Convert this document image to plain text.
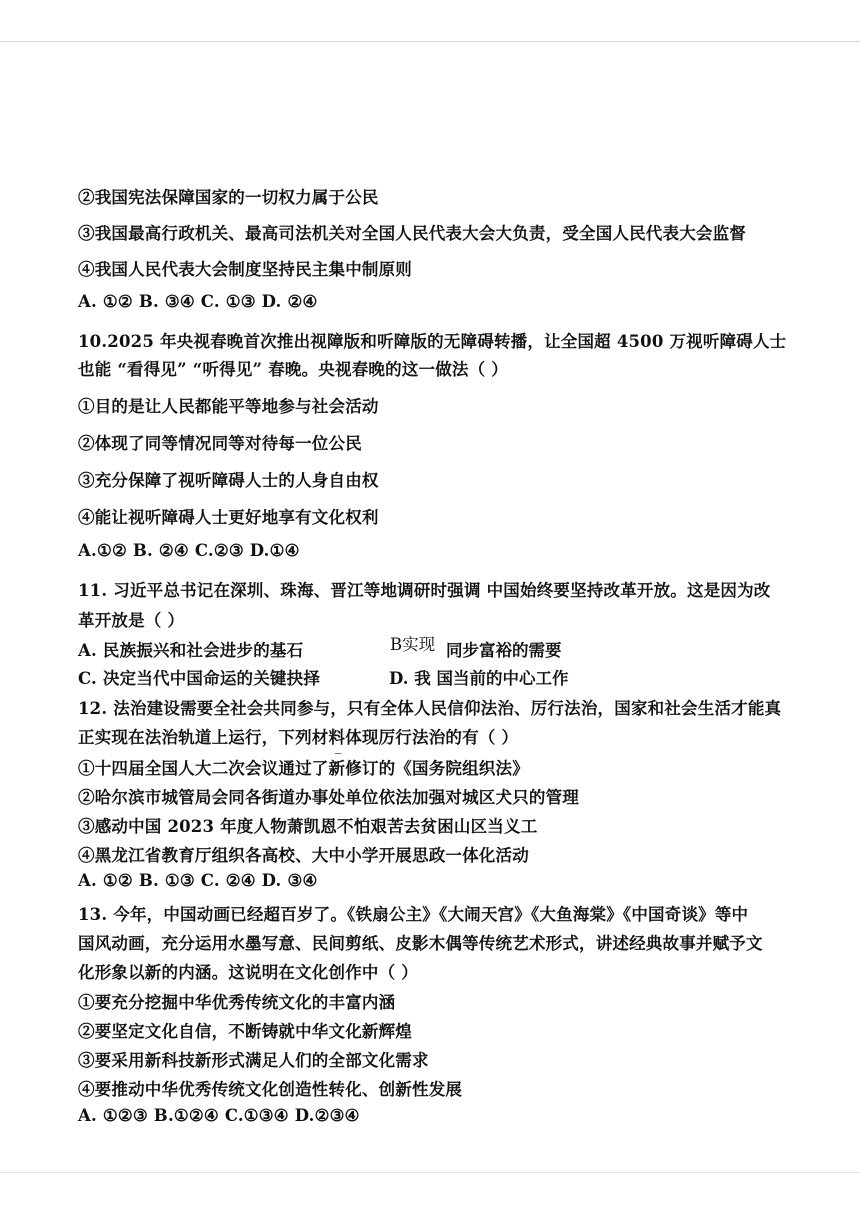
②我国宪法保障国家的一切权力属于公民
③我国最高行政机关、最高司法机关对全国人民代表大会大负责，受全国人民代表大会监督
④我国人民代表大会制度坚持民主集中制原则
A. ①② B. ③④ C. ①③ D. ②④
10.2025 年央视春晚首次推出视障版和听障版的无障碍转播，让全国超 4500 万视听障碍人士
也能 “看得见” “听得见” 春晚。央视春晚的这一做法（ ）
①目的是让人民都能平等地参与社会活动
②体现了同等情况同等对待每一位公民
③充分保障了视听障碍人士的人身自由权
④能让视听障碍人士更好地享有文化权利
A.①② B. ②④ C.②③ D.①④
11. 习近平总书记在深圳、珠海、晋江等地调研时强调 中国始终要坚持改革开放。这是因为改
革开放是（ ）
A. 民族振兴和社会进步的基石	B实现 同步富裕的需要
C. 决定当代中国命运的关键抉择	D. 我 国当前的中心工作
12. 法治建设需要全社会共同参与，只有全体人民信仰法治、厉行法治，国家和社会生活才能真
正实现在法治轨道上运行，下列材料体现厉行法治的有（ ）
⁓
①十四届全国人大二次会议通过了新修订的《国务院组织法》
②哈尔滨市城管局会同各街道办事处单位依法加强对城区犬只的管理
③感动中国 2023 年度人物萧凯恩不怕艰苦去贫困山区当义工
④黑龙江省教育厅组织各高校、大中小学开展思政一体化活动
A. ①② B. ①③ C. ②④ D. ③④
13. 今年，中国动画已经超百岁了。《铁扇公主》《大闹天宫》《大鱼海棠》《中国奇谈》等中
国风动画，充分运用水墨写意、民间剪纸、皮影木偶等传统艺术形式，讲述经典故事并赋予文
化形象以新的内涵。这说明在文化创作中（ ）
①要充分挖掘中华优秀传统文化的丰富内涵
②要坚定文化自信，不断铸就中华文化新辉煌
③要采用新科技新形式满足人们的全部文化需求
④要推动中华优秀传统文化创造性转化、创新性发展
A. ①②③ B.①②④ C.①③④ D.②③④
